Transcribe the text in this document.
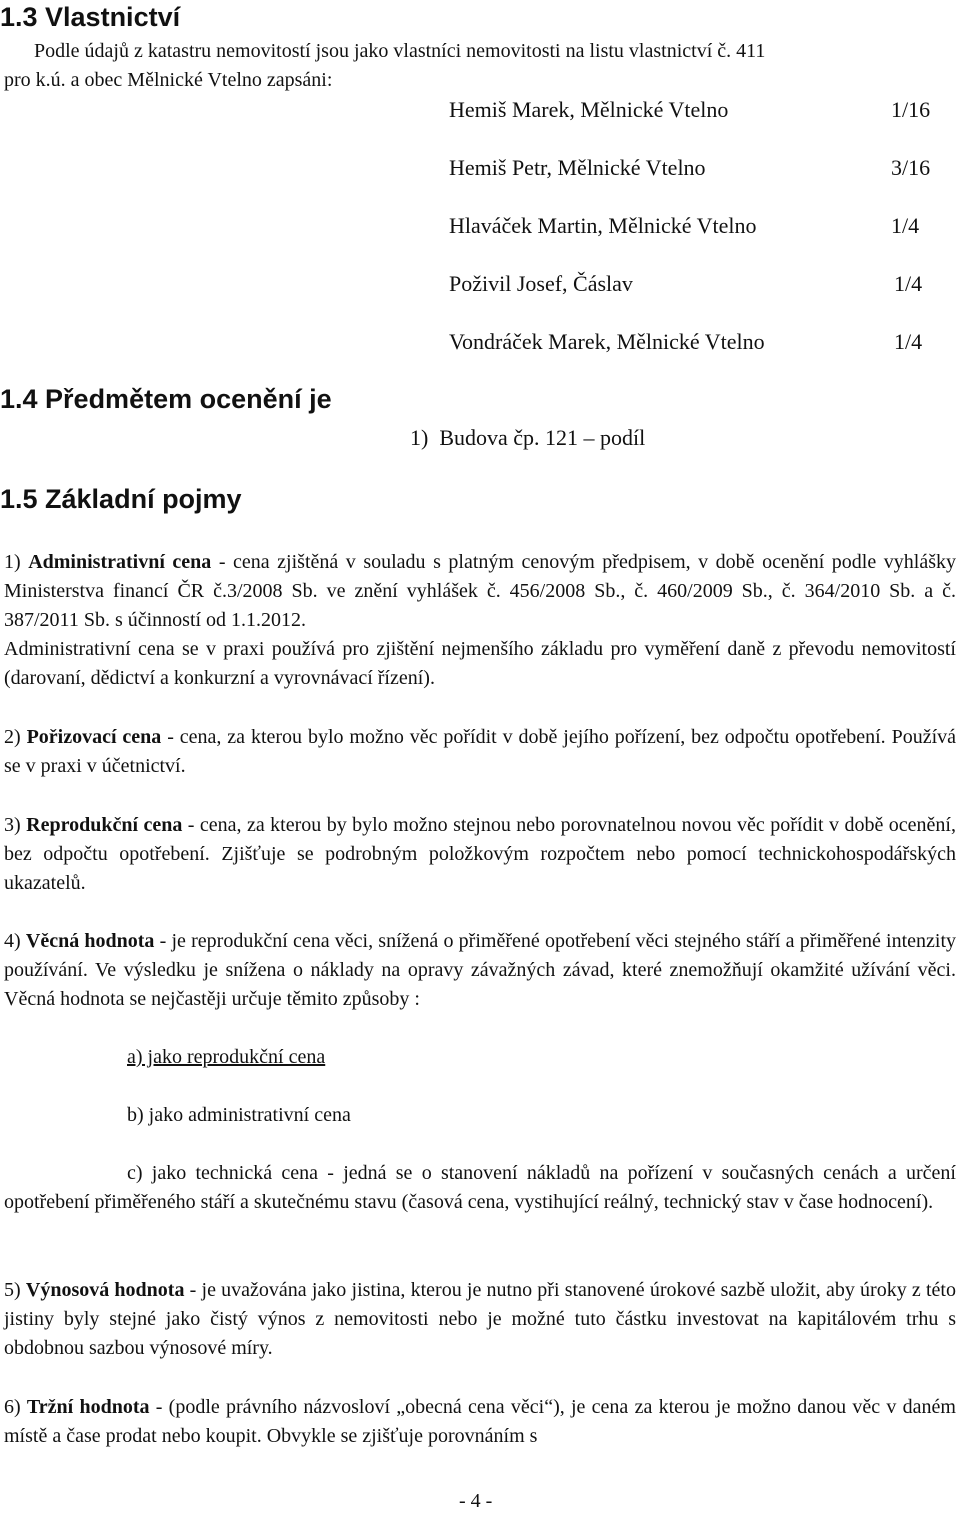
1.3 Vlastnictví
Podle údajů z katastru nemovitostí jsou jako vlastníci nemovitosti na listu vlastnictví č. 411
pro k.ú. a obec Mělnické Vtelno zapsáni:
Hemiš Marek, Mělnické Vtelno	1/16
Hemiš Petr, Mělnické Vtelno	3/16
Hlaváček Martin, Mělnické Vtelno	1/4
Poživil Josef, Čáslav	1/4
Vondráček Marek, Mělnické Vtelno	1/4
1.4 Předmětem ocenění je
1)  Budova čp. 121 – podíl
1.5 Základní pojmy

1) Administrativní cena - cena zjištěná v souladu s platným cenovým předpisem, v době ocenění podle vyhlášky Ministerstva financí ČR č.3/2008 Sb. ve znění vyhlášek č. 456/2008 Sb., č. 460/2009 Sb., č. 364/2010 Sb. a č. 387/2011 Sb. s účinností od 1.1.2012.

Administrativní cena se v praxi používá pro zjištění nejmenšího základu pro vyměření daně z převodu nemovitostí (darovaní, dědictví a konkurzní a vyrovnávací řízení).

2) Pořizovací cena - cena, za kterou bylo možno věc pořídit v době jejího pořízení, bez odpočtu opotřebení. Používá se v praxi v účetnictví.

3) Reprodukční cena - cena, za kterou by bylo možno stejnou nebo porovnatelnou novou věc pořídit v době ocenění, bez odpočtu opotřebení. Zjišťuje se podrobným položkovým rozpočtem nebo pomocí technickohospodářských ukazatelů.

4) Věcná hodnota - je reprodukční cena věci, snížená o přiměřené opotřebení věci stejného stáří a přiměřené intenzity používání. Ve výsledku je snížena o náklady na opravy závažných závad, které znemožňují okamžité užívání věci. Věcná hodnota se nejčastěji určuje těmito způsoby :

a) jako reprodukční cena
b) jako administrativní cena

c) jako technická cena - jedná se o stanovení nákladů na pořízení v současných cenách a určení opotřebení přiměřeného stáří a skutečnému stavu (časová cena, vystihující reálný, technický stav v čase hodnocení).

5) Výnosová hodnota - je uvažována jako jistina, kterou je nutno při stanovené úrokové sazbě uložit, aby úroky z této jistiny byly stejné jako čistý výnos z nemovitosti nebo je možné tuto částku investovat na kapitálovém trhu s obdobnou sazbou výnosové míry.

6) Tržní hodnota - (podle právního názvosloví „obecná cena věci“), je cena za kterou je možno danou věc v daném místě a čase prodat nebo koupit. Obvykle se zjišťuje porovnáním s

- 4 -
